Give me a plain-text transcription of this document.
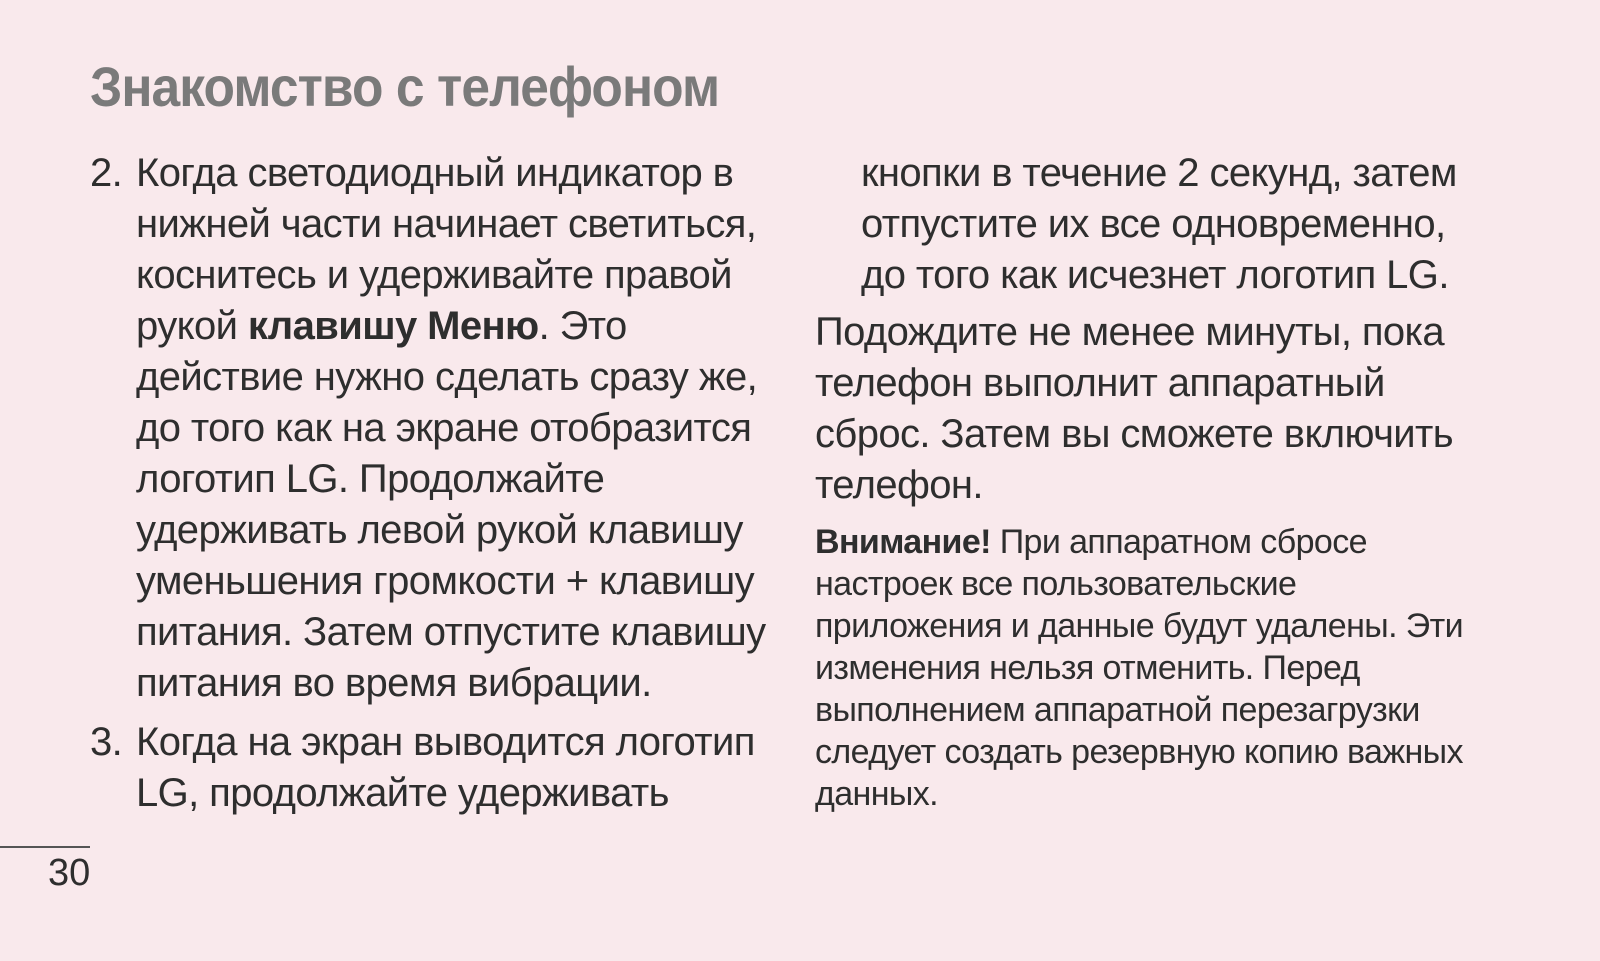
Знакомство с телефоном
2. Когда светодиодный индикатор в нижней части начинает светиться, коснитесь и удерживайте правой рукой клавишу Меню. Это действие нужно сделать сразу же, до того как на экране отобразится логотип LG. Продолжайте удерживать левой рукой клавишу уменьшения громкости + клавишу питания. Затем отпустите клавишу питания во время вибрации.
3. Когда на экран выводится логотип LG, продолжайте удерживать
кнопки в течение 2 секунд, затем отпустите их все одновременно, до того как исчезнет логотип LG.
Подождите не менее минуты, пока телефон выполнит аппаратный сброс. Затем вы сможете включить телефон.
Внимание! При аппаратном сбросе настроек все пользовательские приложения и данные будут удалены. Эти изменения нельзя отменить. Перед выполнением аппаратной перезагрузки следует создать резервную копию важных данных.
30
